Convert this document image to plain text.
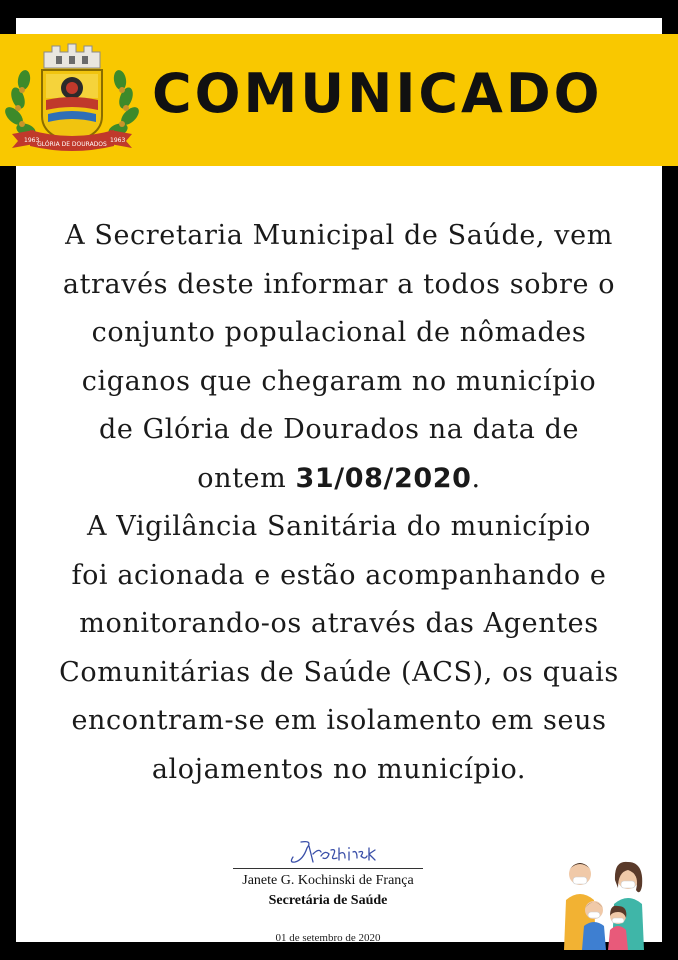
1963
GLÓRIA DE DOURADOS
1963
COMUNICADO

A Secretaria Municipal de Saúde, vem
através deste informar a todos sobre o
conjunto populacional de nômades
ciganos que chegaram no município
de Glória de Dourados na data de
ontem 31/08/2020.

A Vigilância Sanitária do município
foi acionada e estão acompanhando e
monitorando-os através das Agentes
Comunitárias de Saúde (ACS), os quais
encontram-se em isolamento em seus
alojamentos no município.

Janete G. Kochinski de França
Secretária de Saúde
01 de setembro de 2020
